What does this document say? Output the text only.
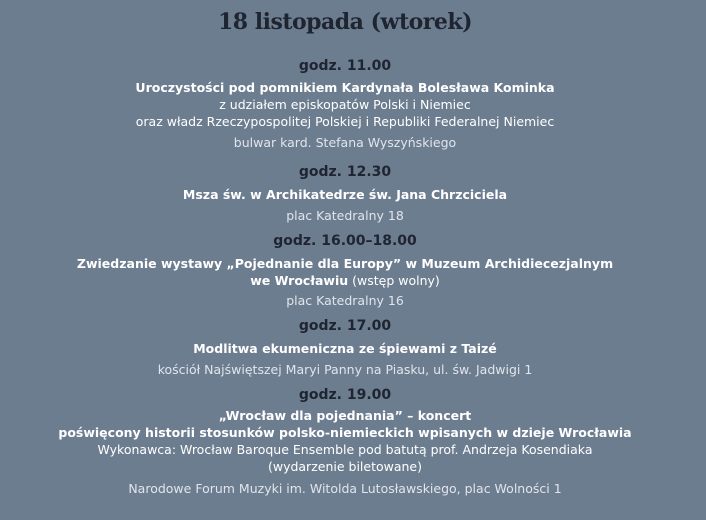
18 listopada (wtorek)
godz. 11.00
Uroczystości pod pomnikiem Kardynała Bolesława Kominka
z udziałem episkopatów Polski i Niemiec
oraz władz Rzeczypospolitej Polskiej i Republiki Federalnej Niemiec
bulwar kard. Stefana Wyszyńskiego
godz. 12.30
Msza św. w Archikatedrze św. Jana Chrzciciela
plac Katedralny 18
godz. 16.00–18.00
Zwiedzanie wystawy „Pojednanie dla Europy” w Muzeum Archidiecezjalnym
we Wrocławiu (wstęp wolny)
plac Katedralny 16
godz. 17.00
Modlitwa ekumeniczna ze śpiewami z Taizé
kościół Najświętszej Maryi Panny na Piasku, ul. św. Jadwigi 1
godz. 19.00
„Wrocław dla pojednania” – koncert
poświęcony historii stosunków polsko-niemieckich wpisanych w dzieje Wrocławia
Wykonawca: Wrocław Baroque Ensemble pod batutą prof. Andrzeja Kosendiaka
(wydarzenie biletowane)
Narodowe Forum Muzyki im. Witolda Lutosławskiego, plac Wolności 1
